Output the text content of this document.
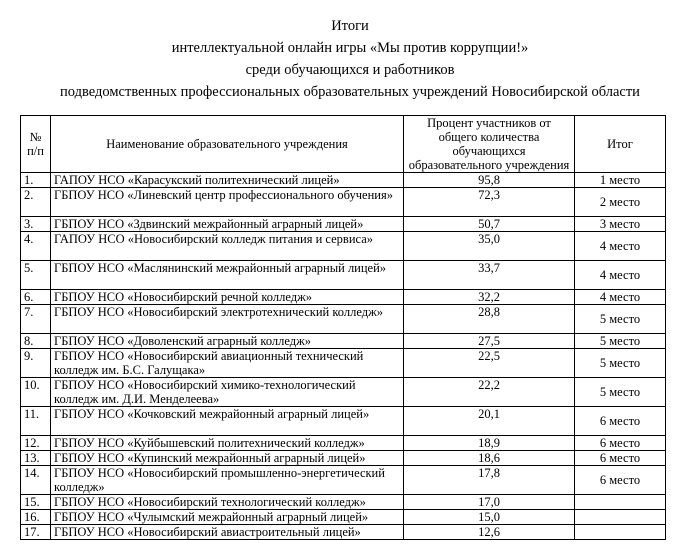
Итоги
интеллектуальной онлайн игры «Мы против коррупции!»
среди обучающихся и работников
подведомственных профессиональных образовательных учреждений Новосибирской области
№ п/п	Наименование образовательного учреждения	Процент участников от общего количества обучающихся образовательного учреждения	Итог
1.	ГАПОУ НСО «Карасукский политехнический лицей»	95,8	1 место
2.	ГБПОУ НСО «Линевский центр профессионального обучения»	72,3	2 место
3.	ГБПОУ НСО «Здвинский межрайонный аграрный лицей»	50,7	3 место
4.	ГАПОУ НСО «Новосибирский колледж питания и сервиса»	35,0	4 место
5.	ГБПОУ НСО «Маслянинский межрайонный аграрный лицей»	33,7	4 место
6.	ГБПОУ НСО «Новосибирский речной колледж»	32,2	4 место
7.	ГБПОУ НСО «Новосибирский электротехнический колледж»	28,8	5 место
8.	ГБПОУ НСО «Доволенский аграрный колледж»	27,5	5 место
9.	ГБПОУ НСО «Новосибирский авиационный технический колледж им. Б.С. Галущака»	22,5	5 место
10.	ГБПОУ НСО «Новосибирский химико-технологический колледж им. Д.И. Менделеева»	22,2	5 место
11.	ГБПОУ НСО «Кочковский межрайонный аграрный лицей»	20,1	6 место
12.	ГБПОУ НСО «Куйбышевский политехнический колледж»	18,9	6 место
13.	ГБПОУ НСО «Купинский межрайонный аграрный лицей»	18,6	6 место
14.	ГБПОУ НСО «Новосибирский промышленно-энергетический колледж»	17,8	6 место
15.	ГБПОУ НСО «Новосибирский технологический колледж»	17,0	
16.	ГБПОУ НСО «Чулымский межрайонный аграрный лицей»	15,0	
17.	ГБПОУ НСО «Новосибирский авиастроительный лицей»	12,6	
